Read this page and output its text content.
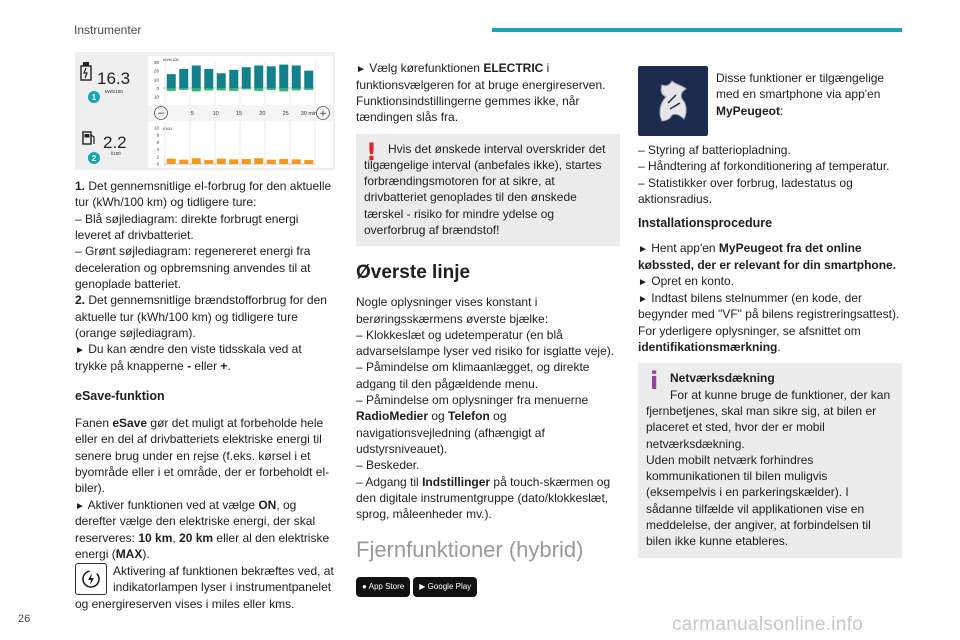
Instrumenter
16.3
kWh/100
1
2.2
l/100
2
30
20
10
0
10
kWh/100
10
8
6
4
2
0
l/100
−	+
5	10	15	20	25 30 min

1. Det gennemsnitlige el-forbrug for den aktuelle tur (kWh/100 km) og tidligere ture:

– Blå søjlediagram: direkte forbrugt energi leveret af drivbatteriet.

– Grønt søjlediagram: regenereret energi fra deceleration og opbremsning anvendes til at genoplade batteriet.

2. Det gennemsnitlige brændstofforbrug for den aktuelle tur (kWh/100 km) og tidligere ture (orange søjlediagram).

► Du kan ændre den viste tidsskala ved at trykke på knapperne - eller +.

eSave-funktion

Fanen eSave gør det muligt at forbeholde hele eller en del af drivbatteriets elektriske energi til senere brug under en rejse (f.eks. kørsel i et byområde eller i et område, der er forbeholdt el-biler).

► Aktiver funktionen ved at vælge ON, og derefter vælge den elektriske energi, der skal reserveres: 10 km, 20 km eller al den elektriske energi (MAX).

Aktivering af funktionen bekræftes ved, at indikatorlampen lyser i instrumentpanelet og energireserven vises i miles eller kms.

► Vælg kørefunktionen ELECTRIC i funktionsvælgeren for at bruge energireserven.

Funktionsindstillingerne gemmes ikke, når tændingen slås fra.

! Hvis det ønskede interval overskrider det tilgængelige interval (anbefales ikke), startes forbrændingsmotoren for at sikre, at drivbatteriet genoplades til den ønskede tærskel - risiko for mindre ydelse og overforbrug af brændstof!

Øverste linje

Nogle oplysninger vises konstant i berøringsskærmens øverste bjælke:

– Klokkeslæt og udetemperatur (en blå advarselslampe lyser ved risiko for isglatte veje).

– Påmindelse om klimaanlægget, og direkte adgang til den pågældende menu.

– Påmindelse om oplysninger fra menuerne RadioMedier og Telefon og navigationsvejledning (afhængigt af udstyrsniveauet).

– Beskeder.

– Adgang til Indstillinger på touch-skærmen og den digitale instrumentgruppe (dato/klokkeslæt, sprog, måleenheder mv.).

Fjernfunktioner (hybrid)

● App Store ▶ Google Play

Disse funktioner er tilgængelige med en smartphone via app'en MyPeugeot:

– Styring af batteriopladning.

– Håndtering af forkonditionering af temperatur.

– Statistikker over forbrug, ladestatus og aktionsradius.

Installationsprocedure

► Hent app'en MyPeugeot fra det online købssted, der er relevant for din smartphone.

► Opret en konto.

► Indtast bilens stelnummer (en kode, der begynder med "VF" på bilens registreringsattest).

For yderligere oplysninger, se afsnittet om identifikationsmærkning.

i Netværksdækning

For at kunne bruge de funktioner, der kan fjernbetjenes, skal man sikre sig, at bilen er placeret et sted, hvor der er mobil netværksdækning.

Uden mobilt netværk forhindres kommunikationen til bilen muligvis (eksempelvis i en parkeringskælder). I sådanne tilfælde vil applikationen vise en meddelelse, der angiver, at forbindelsen til bilen ikke kunne etableres.

26	carmanualsonline.info
